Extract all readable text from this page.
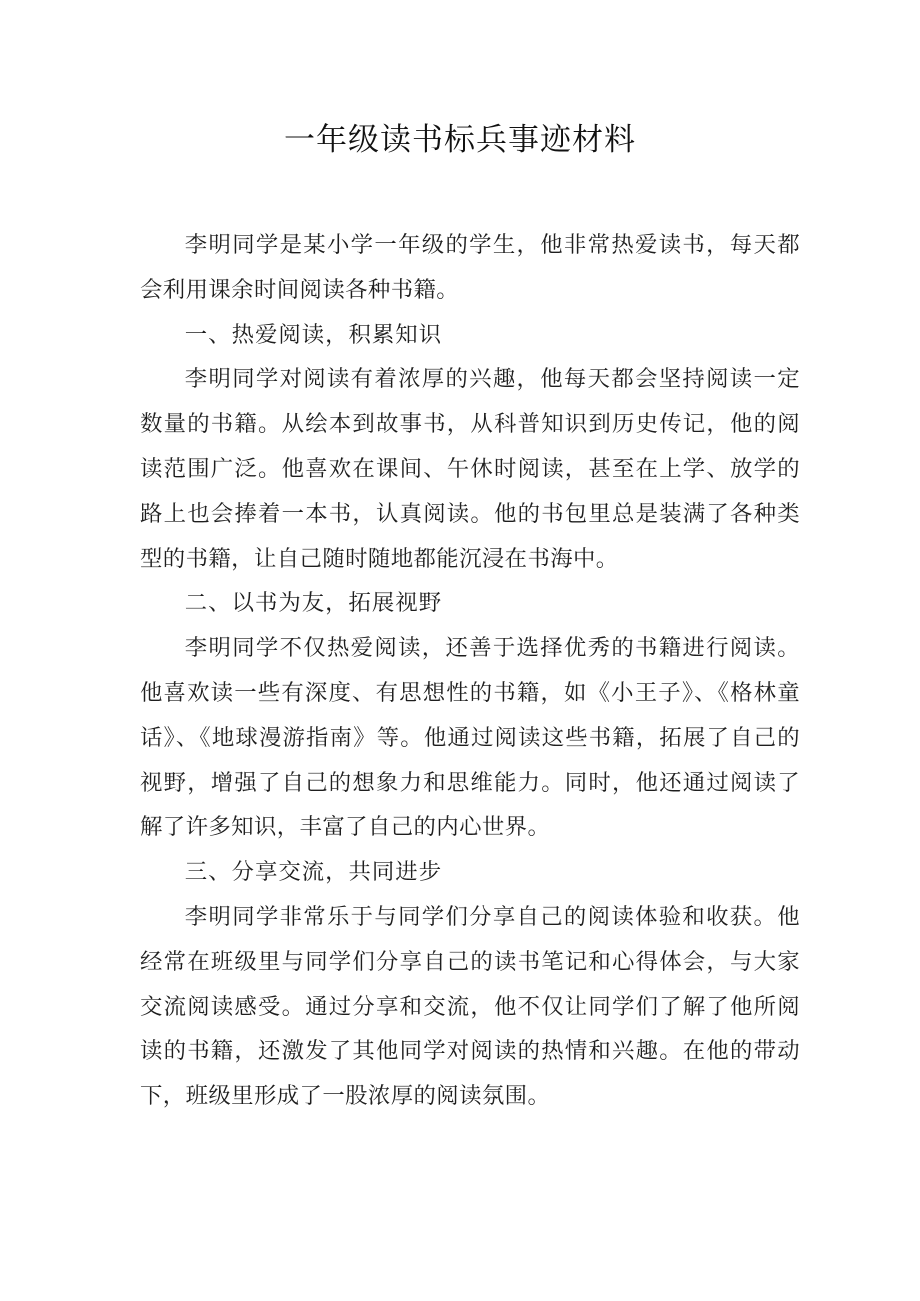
一年级读书标兵事迹材料

李明同学是某小学一年级的学生，他非常热爱读书，每天都会利用课余时间阅读各种书籍。

一、热爱阅读，积累知识

李明同学对阅读有着浓厚的兴趣，他每天都会坚持阅读一定数量的书籍。从绘本到故事书，从科普知识到历史传记，他的阅读范围广泛。他喜欢在课间、午休时阅读，甚至在上学、放学的路上也会捧着一本书，认真阅读。他的书包里总是装满了各种类型的书籍，让自己随时随地都能沉浸在书海中。

二、以书为友，拓展视野

李明同学不仅热爱阅读，还善于选择优秀的书籍进行阅读。他喜欢读一些有深度、有思想性的书籍，如《小王子》、《格林童话》、《地球漫游指南》等。他通过阅读这些书籍，拓展了自己的视野，增强了自己的想象力和思维能力。同时，他还通过阅读了解了许多知识，丰富了自己的内心世界。

三、分享交流，共同进步

李明同学非常乐于与同学们分享自己的阅读体验和收获。他经常在班级里与同学们分享自己的读书笔记和心得体会，与大家交流阅读感受。通过分享和交流，他不仅让同学们了解了他所阅读的书籍，还激发了其他同学对阅读的热情和兴趣。在他的带动下，班级里形成了一股浓厚的阅读氛围。
